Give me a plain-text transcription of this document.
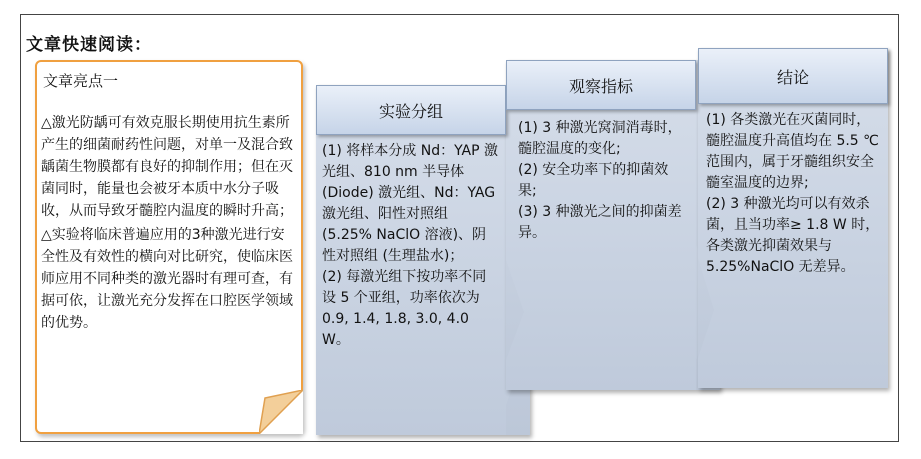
文章快速阅读：
文章亮点一

△激光防龋可有效克服长期使用抗生素所产生的细菌耐药性问题，对单一及混合致龋菌生物膜都有良好的抑制作用；但在灭菌同时，能量也会被牙本质中水分子吸收，从而导致牙髓腔内温度的瞬时升高；

△实验将临床普遍应用的3种激光进行安全性及有效性的横向对比研究，使临床医师应用不同种类的激光器时有理可查，有据可依，让激光充分发挥在口腔医学领域的优势。

实验分组

(1) 将样本分成 Nd：YAP 激光组、810 nm 半导体 (Diode) 激光组、Nd：YAG 激光组、阳性对照组 (5.25% NaClO 溶液)、阴性对照组 (生理盐水)；

(2) 每激光组下按功率不同设 5 个亚组，功率依次为 0.9, 1.4, 1.8, 3.0, 4.0 W。

观察指标

(1) 3 种激光窝洞消毒时，髓腔温度的变化;

(2) 安全功率下的抑菌效果;

(3) 3 种激光之间的抑菌差异。

结论

(1) 各类激光在灭菌同时，髓腔温度升高值均在 5.5 ℃ 范围内，属于牙髓组织安全髓室温度的边界;

(2) 3 种激光均可以有效杀菌，且当功率≥ 1.8 W 时，各类激光抑菌效果与 5.25%NaClO 无差异。
